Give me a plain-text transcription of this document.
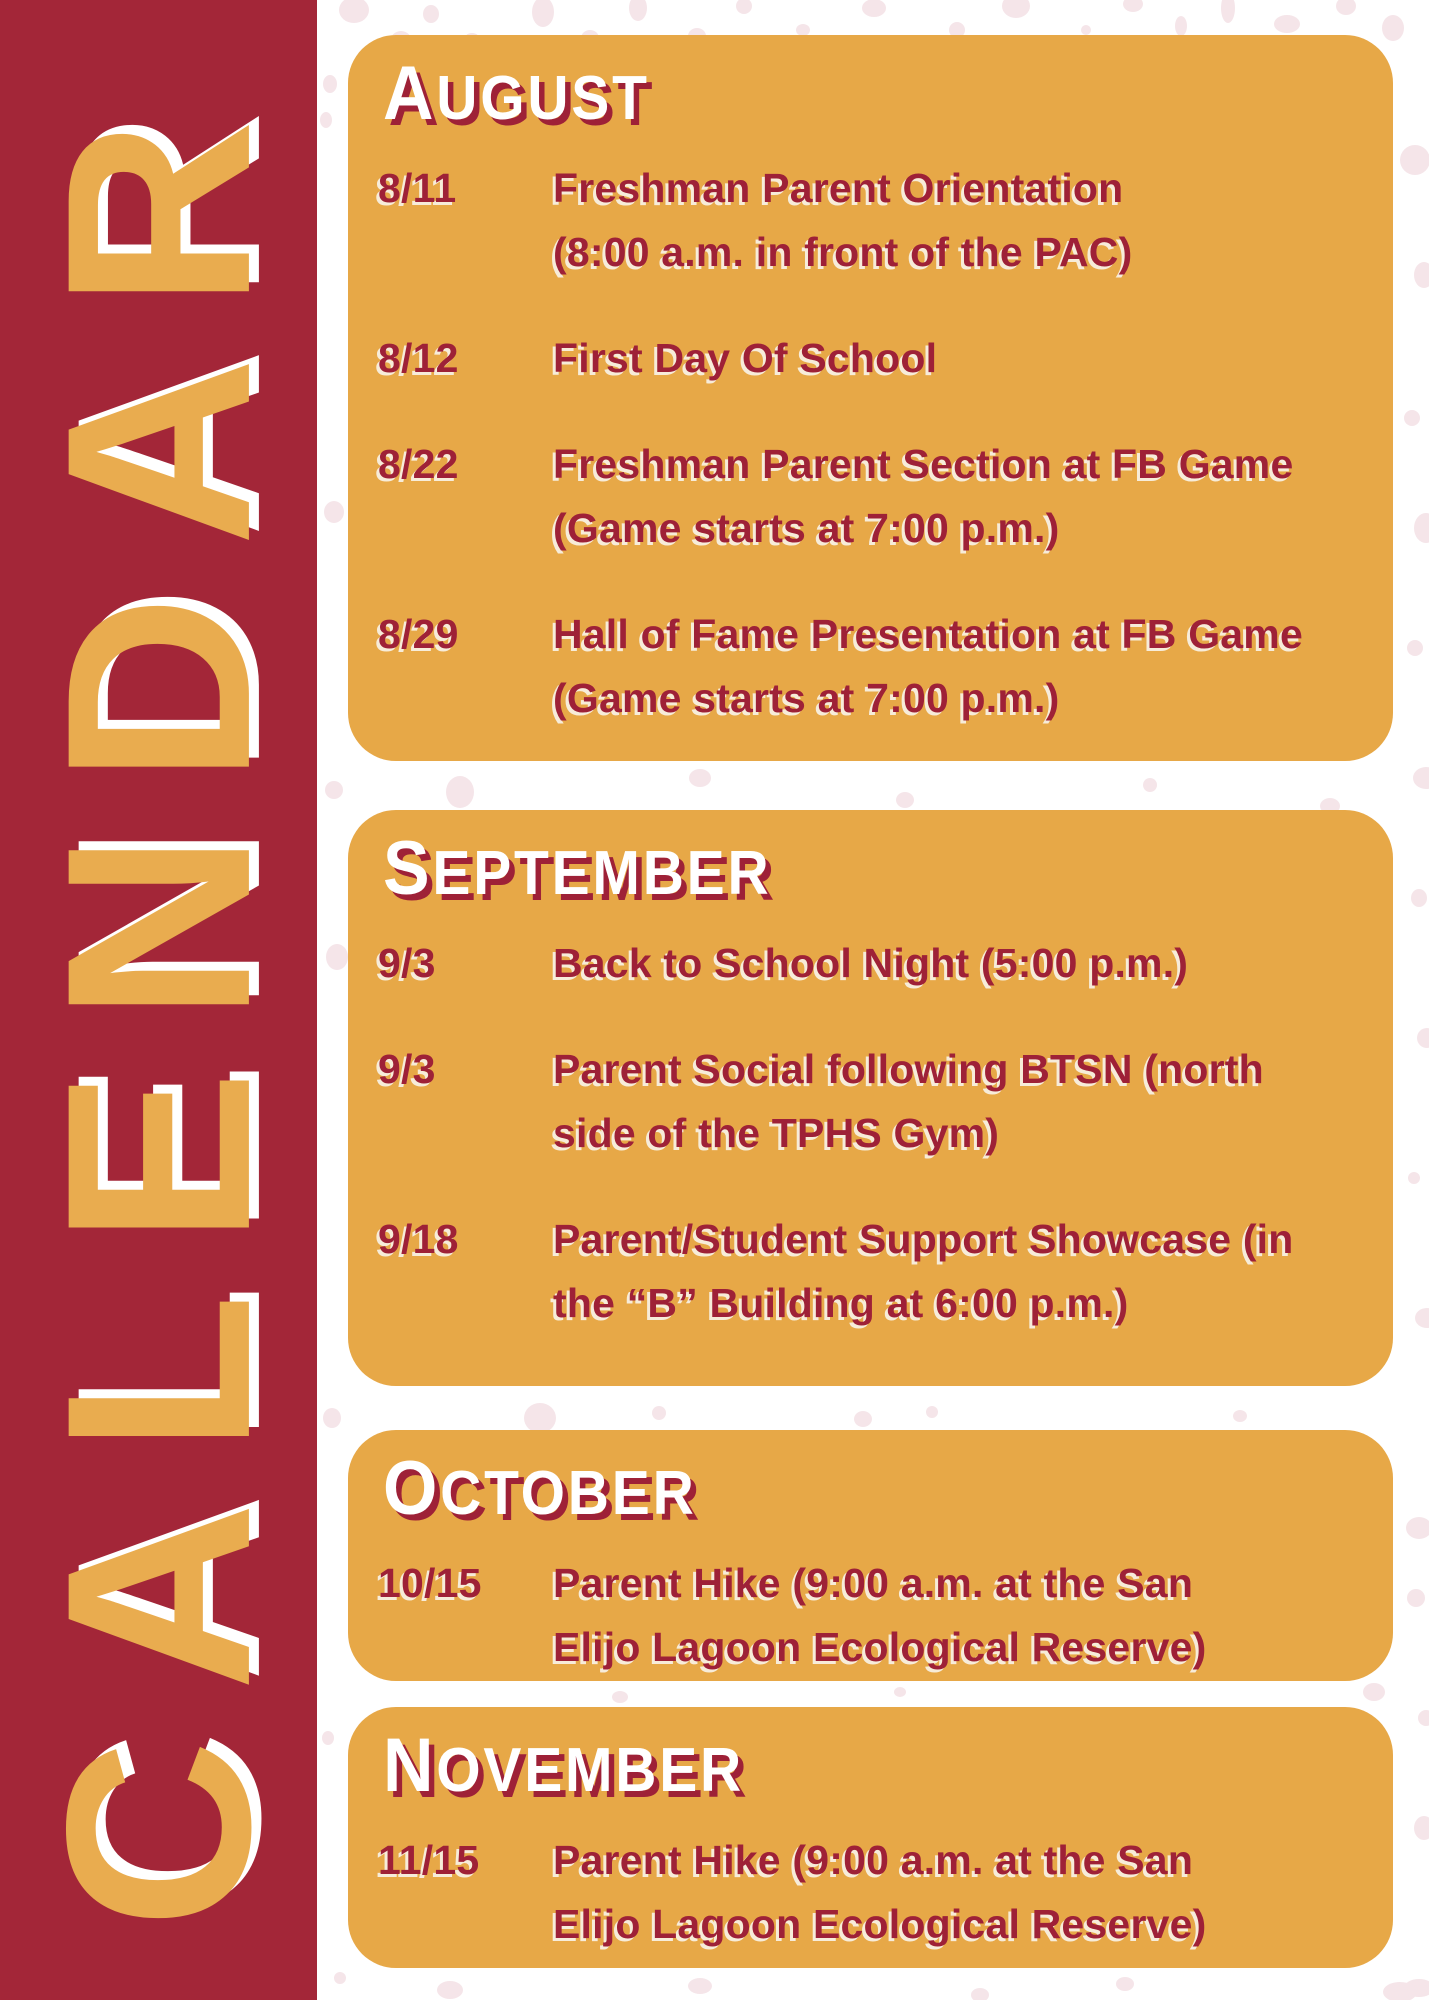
CALENDAR AUGUST
8/11	Freshman Parent Orientation
(8:00 a.m. in front of the PAC)
8/12	First Day Of School
8/22	Freshman Parent Section at FB Game
(Game starts at 7:00 p.m.)
8/29	Hall of Fame Presentation at FB Game
(Game starts at 7:00 p.m.)
SEPTEMBER
9/3	Back to School Night (5:00 p.m.)
9/3	Parent Social following BTSN (north
side of the TPHS Gym)
9/18	Parent/Student Support Showcase (in
the “B” Building at 6:00 p.m.)
OCTOBER
10/15	Parent Hike (9:00 a.m. at the San
Elijo Lagoon Ecological Reserve)
NOVEMBER
11/15	Parent Hike (9:00 a.m. at the San
Elijo Lagoon Ecological Reserve)
